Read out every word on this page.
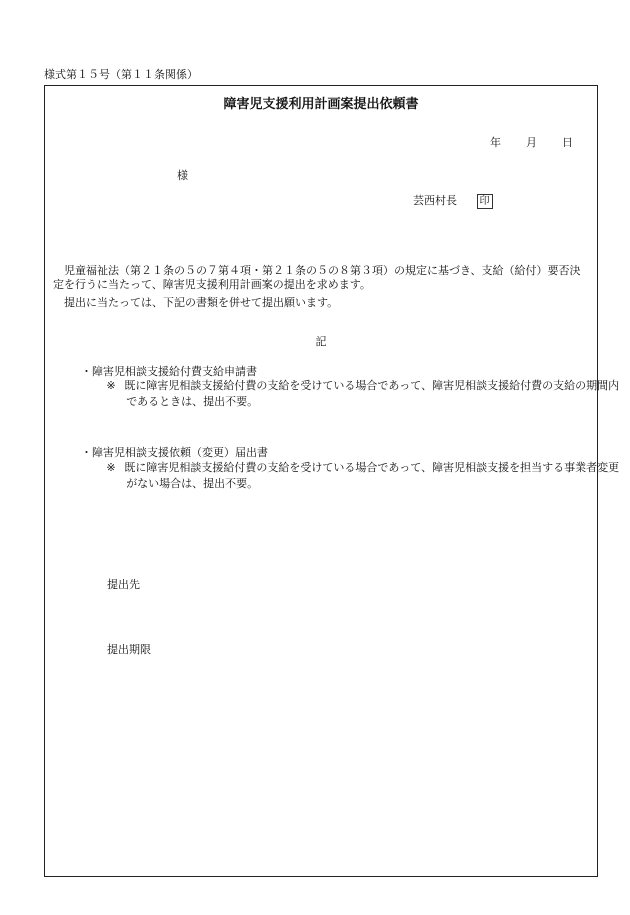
様式第１５号（第１１条関係）
障害児支援利用計画案提出依頼書
年 月 日
様
芸西村長 印
児童福祉法（第２１条の５の７第４項・第２１条の５の８第３項）の規定に基づき、支給（給付）要否決定を行うに当たって、障害児支援利用計画案の提出を求めます。
提出に当たっては、下記の書類を併せて提出願います。
記
・障害児相談支援給付費支給申請書
※ 既に障害児相談支援給付費の支給を受けている場合であって、障害児相談支援給付費の支給の期間内であるときは、提出不要。
・障害児相談支援依頼（変更）届出書
※ 既に障害児相談支援給付費の支給を受けている場合であって、障害児相談支援を担当する事業者変更がない場合は、提出不要。
提出先
提出期限
